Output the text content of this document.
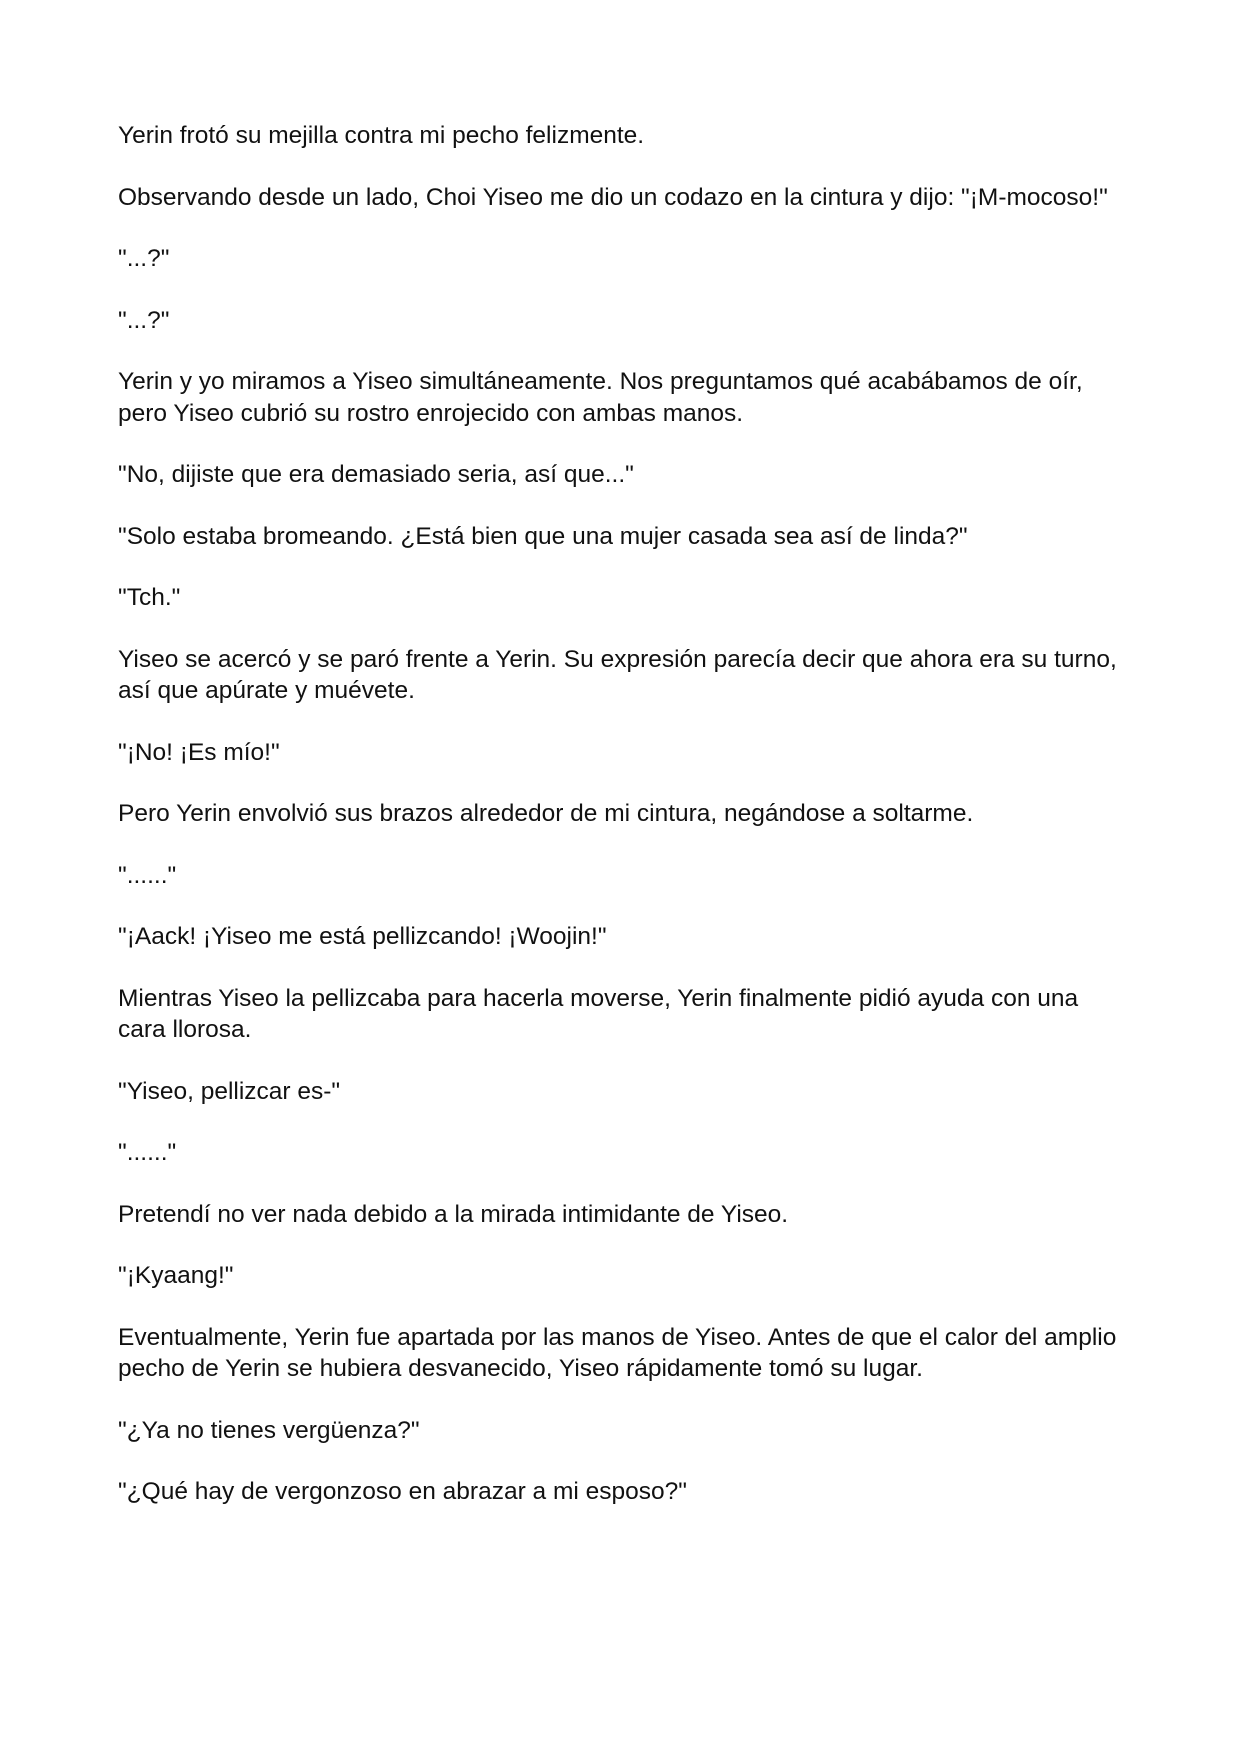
Yerin frotó su mejilla contra mi pecho felizmente.

Observando desde un lado, Choi Yiseo me dio un codazo en la cintura y dijo: "¡M-mocoso!"

"...?"

"...?"

Yerin y yo miramos a Yiseo simultáneamente. Nos preguntamos qué acabábamos de oír, pero Yiseo cubrió su rostro enrojecido con ambas manos.

"No, dijiste que era demasiado seria, así que..."

"Solo estaba bromeando. ¿Está bien que una mujer casada sea así de linda?"

"Tch."

Yiseo se acercó y se paró frente a Yerin. Su expresión parecía decir que ahora era su turno, así que apúrate y muévete.

"¡No! ¡Es mío!"

Pero Yerin envolvió sus brazos alrededor de mi cintura, negándose a soltarme.

"......"

"¡Aack! ¡Yiseo me está pellizcando! ¡Woojin!"

Mientras Yiseo la pellizcaba para hacerla moverse, Yerin finalmente pidió ayuda con una cara llorosa.

"Yiseo, pellizcar es-"

"......"

Pretendí no ver nada debido a la mirada intimidante de Yiseo.

"¡Kyaang!"

Eventualmente, Yerin fue apartada por las manos de Yiseo. Antes de que el calor del amplio pecho de Yerin se hubiera desvanecido, Yiseo rápidamente tomó su lugar.

"¿Ya no tienes vergüenza?"

"¿Qué hay de vergonzoso en abrazar a mi esposo?"
